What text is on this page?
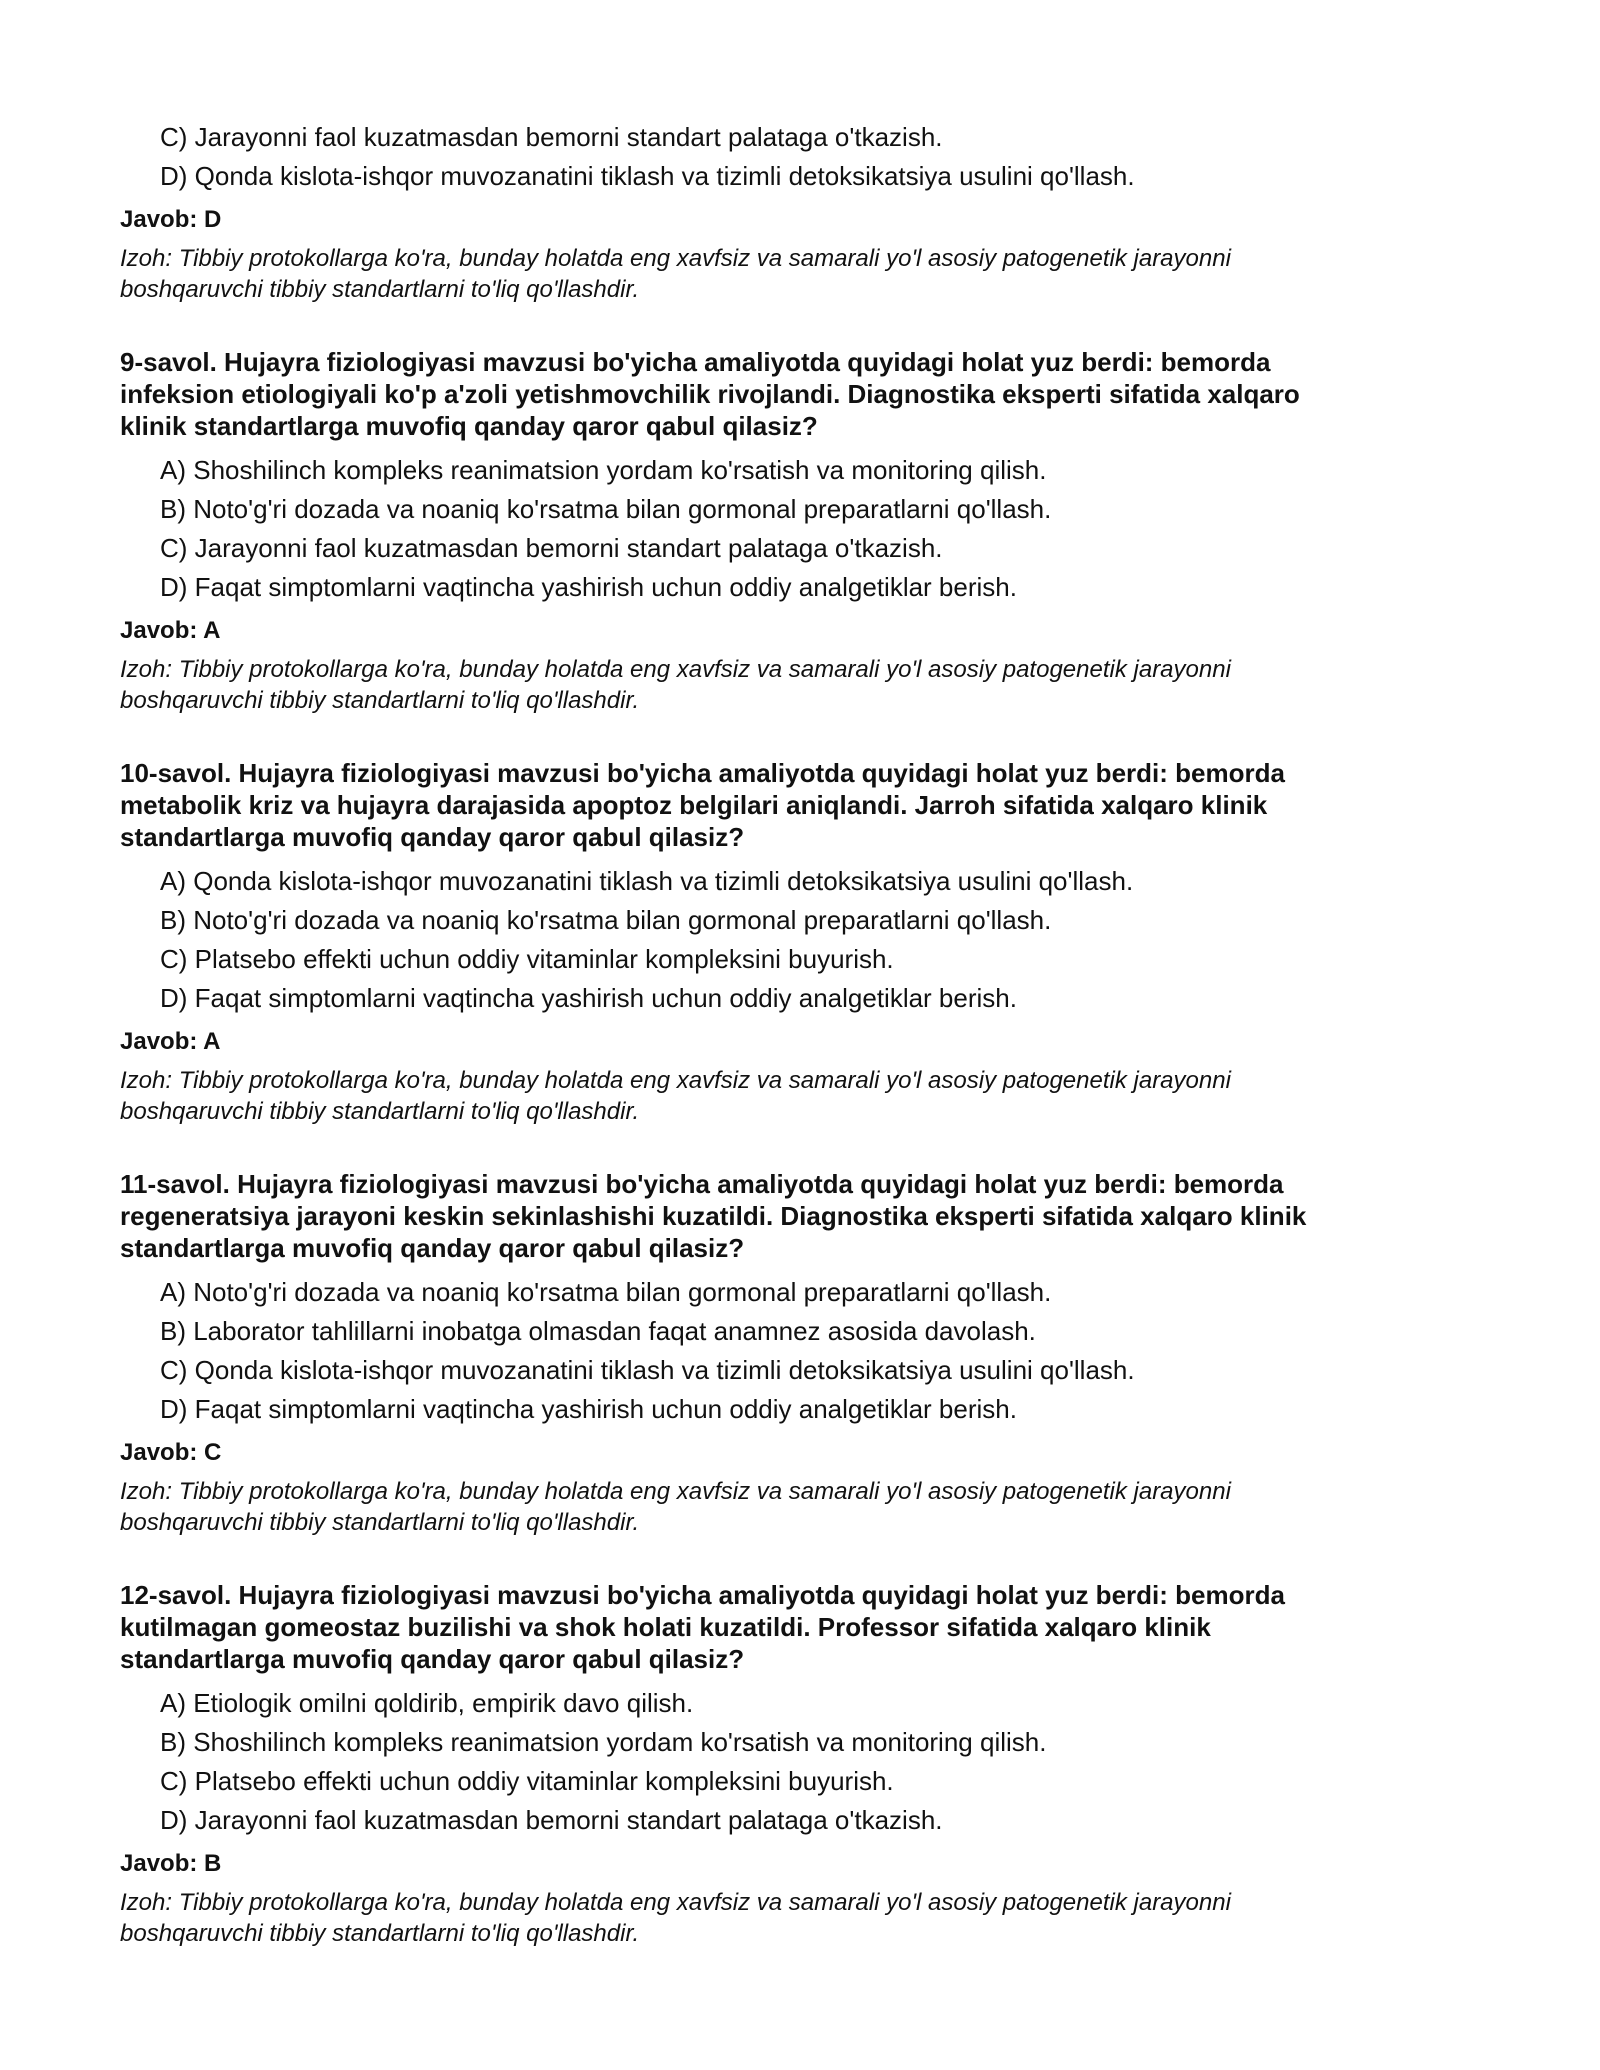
C) Jarayonni faol kuzatmasdan bemorni standart palataga o'tkazish.
D) Qonda kislota-ishqor muvozanatini tiklash va tizimli detoksikatsiya usulini qo'llash.
Javob: D
Izoh: Tibbiy protokollarga ko'ra, bunday holatda eng xavfsiz va samarali yo'l asosiy patogenetik jarayonni
boshqaruvchi tibbiy standartlarni to'liq qo'llashdir.
9-savol. Hujayra fiziologiyasi mavzusi bo'yicha amaliyotda quyidagi holat yuz berdi: bemorda
infeksion etiologiyali ko'p a'zoli yetishmovchilik rivojlandi. Diagnostika eksperti sifatida xalqaro
klinik standartlarga muvofiq qanday qaror qabul qilasiz?
A) Shoshilinch kompleks reanimatsion yordam ko'rsatish va monitoring qilish.
B) Noto'g'ri dozada va noaniq ko'rsatma bilan gormonal preparatlarni qo'llash.
C) Jarayonni faol kuzatmasdan bemorni standart palataga o'tkazish.
D) Faqat simptomlarni vaqtincha yashirish uchun oddiy analgetiklar berish.
Javob: A
Izoh: Tibbiy protokollarga ko'ra, bunday holatda eng xavfsiz va samarali yo'l asosiy patogenetik jarayonni
boshqaruvchi tibbiy standartlarni to'liq qo'llashdir.
10-savol. Hujayra fiziologiyasi mavzusi bo'yicha amaliyotda quyidagi holat yuz berdi: bemorda
metabolik kriz va hujayra darajasida apoptoz belgilari aniqlandi. Jarroh sifatida xalqaro klinik
standartlarga muvofiq qanday qaror qabul qilasiz?
A) Qonda kislota-ishqor muvozanatini tiklash va tizimli detoksikatsiya usulini qo'llash.
B) Noto'g'ri dozada va noaniq ko'rsatma bilan gormonal preparatlarni qo'llash.
C) Platsebo effekti uchun oddiy vitaminlar kompleksini buyurish.
D) Faqat simptomlarni vaqtincha yashirish uchun oddiy analgetiklar berish.
Javob: A
Izoh: Tibbiy protokollarga ko'ra, bunday holatda eng xavfsiz va samarali yo'l asosiy patogenetik jarayonni
boshqaruvchi tibbiy standartlarni to'liq qo'llashdir.
11-savol. Hujayra fiziologiyasi mavzusi bo'yicha amaliyotda quyidagi holat yuz berdi: bemorda
regeneratsiya jarayoni keskin sekinlashishi kuzatildi. Diagnostika eksperti sifatida xalqaro klinik
standartlarga muvofiq qanday qaror qabul qilasiz?
A) Noto'g'ri dozada va noaniq ko'rsatma bilan gormonal preparatlarni qo'llash.
B) Laborator tahlillarni inobatga olmasdan faqat anamnez asosida davolash.
C) Qonda kislota-ishqor muvozanatini tiklash va tizimli detoksikatsiya usulini qo'llash.
D) Faqat simptomlarni vaqtincha yashirish uchun oddiy analgetiklar berish.
Javob: C
Izoh: Tibbiy protokollarga ko'ra, bunday holatda eng xavfsiz va samarali yo'l asosiy patogenetik jarayonni
boshqaruvchi tibbiy standartlarni to'liq qo'llashdir.
12-savol. Hujayra fiziologiyasi mavzusi bo'yicha amaliyotda quyidagi holat yuz berdi: bemorda
kutilmagan gomeostaz buzilishi va shok holati kuzatildi. Professor sifatida xalqaro klinik
standartlarga muvofiq qanday qaror qabul qilasiz?
A) Etiologik omilni qoldirib, empirik davo qilish.
B) Shoshilinch kompleks reanimatsion yordam ko'rsatish va monitoring qilish.
C) Platsebo effekti uchun oddiy vitaminlar kompleksini buyurish.
D) Jarayonni faol kuzatmasdan bemorni standart palataga o'tkazish.
Javob: B
Izoh: Tibbiy protokollarga ko'ra, bunday holatda eng xavfsiz va samarali yo'l asosiy patogenetik jarayonni
boshqaruvchi tibbiy standartlarni to'liq qo'llashdir.
